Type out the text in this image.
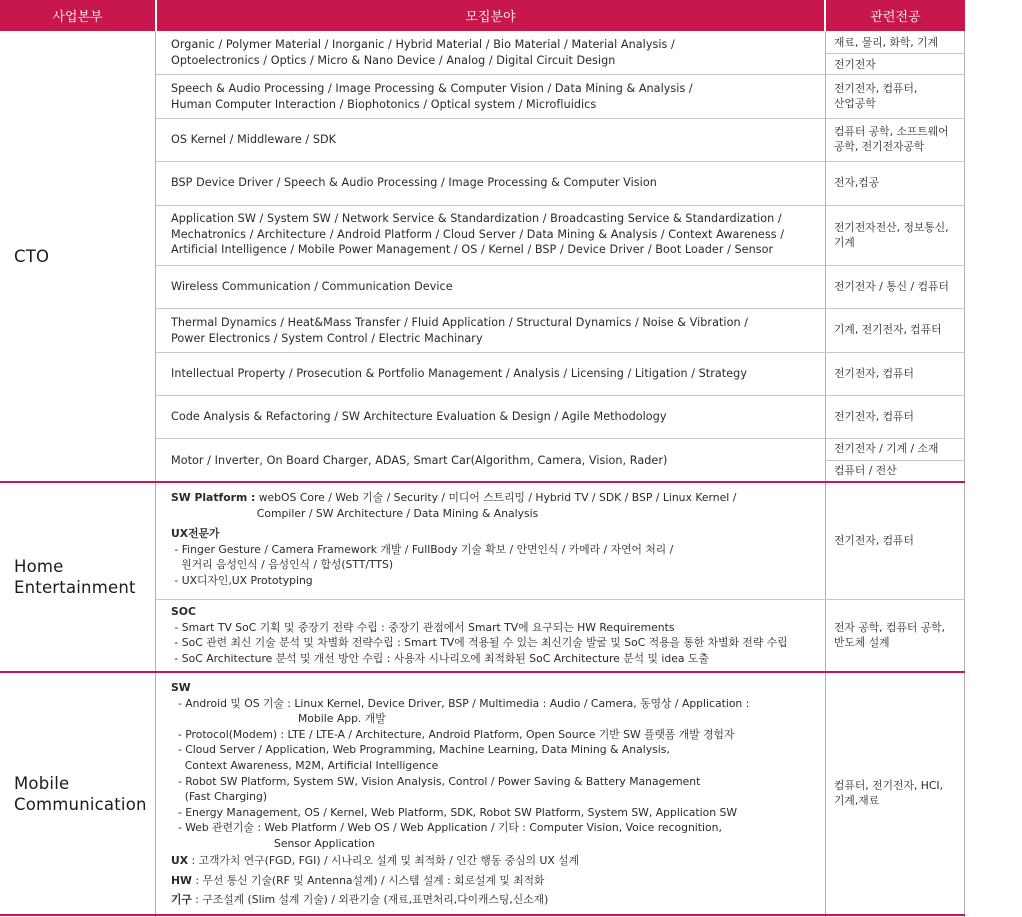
사업본부	모집분야	관련전공
CTO
Home
Entertainment
Mobile
Communication
Organic / Polymer Material / Inorganic / Hybrid Material / Bio Material / Material Analysis /
Optoelectronics / Optics / Micro & Nano Device / Analog / Digital Circuit Design
Speech & Audio Processing / Image Processing & Computer Vision / Data Mining & Analysis /
Human Computer Interaction / Biophotonics / Optical system / Microfluidics
OS Kernel / Middleware / SDK
BSP Device Driver / Speech & Audio Processing / Image Processing & Computer Vision
Application SW / System SW / Network Service & Standardization / Broadcasting Service & Standardization /
Mechatronics / Architecture / Android Platform / Cloud Server / Data Mining & Analysis / Context Awareness /
Artificial Intelligence / Mobile Power Management / OS / Kernel / BSP / Device Driver / Boot Loader / Sensor
Wireless Communication / Communication Device
Thermal Dynamics / Heat&Mass Transfer / Fluid Application / Structural Dynamics / Noise & Vibration /
Power Electronics / System Control / Electric Machinary
Intellectual Property / Prosecution & Portfolio Management / Analysis / Licensing / Litigation / Strategy
Code Analysis & Refactoring / SW Architecture Evaluation & Design / Agile Methodology
Motor / Inverter, On Board Charger, ADAS, Smart Car(Algorithm, Camera, Vision, Rader)
재료, 물리, 화학, 기계
전기전자
전기전자, 컴퓨터,
산업공학
컴퓨터 공학, 소프트웨어
공학, 전기전자공학
전자,컴공
전기전자전산, 정보통신,
기계
전기전자 / 통신 / 컴퓨터
기계, 전기전자, 컴퓨터
전기전자, 컴퓨터
전기전자, 컴퓨터
전기전자 / 기계 / 소재
컴퓨터 / 전산
SW Platform : webOS Core / Web 기술 / Security / 미디어 스트리밍 / Hybrid TV / SDK / BSP / Linux Kernel /
Compiler / SW Architecture / Data Mining & Analysis
UX전문가
- Finger Gesture / Camera Framework 개발 / FullBody 기술 확보 / 안면인식 / 카메라 / 자연어 처리 /
원거리 음성인식 / 음성인식 / 합성(STT/TTS)
- UX디자인,UX Prototyping
전기전자, 컴퓨터
SOC
- Smart TV SoC 기획 및 중장기 전략 수립 : 중장기 관점에서 Smart TV에 요구되는 HW Requirements
- SoC 관련 최신 기술 분석 및 차별화 전략수립 : Smart TV에 적용될 수 있는 최신기술 발굴 및 SoC 적용을 통한 차별화 전략 수립
- SoC Architecture 분석 및 개선 방안 수립 : 사용자 시나리오에 최적화된 SoC Architecture 분석 및 idea 도출
전자 공학, 컴퓨터 공학,
반도체 설계
SW
- Android 및 OS 기술 : Linux Kernel, Device Driver, BSP / Multimedia : Audio / Camera, 동영상 / Application :
Mobile App. 개발
- Protocol(Modem) : LTE / LTE-A / Architecture, Android Platform, Open Source 기반 SW 플랫폼 개발 경험자
- Cloud Server / Application, Web Programming, Machine Learning, Data Mining & Analysis,
Context Awareness, M2M, Artificial Intelligence
- Robot SW Platform, System SW, Vision Analysis, Control / Power Saving & Battery Management
(Fast Charging)
- Energy Management, OS / Kernel, Web Platform, SDK, Robot SW Platform, System SW, Application SW
- Web 관련기술 : Web Platform / Web OS / Web Application / 기타 : Computer Vision, Voice recognition,
Sensor Application
UX : 고객가치 연구(FGD, FGI) / 시나리오 설계 및 최적화 / 인간 행동 중심의 UX 설계
HW : 무선 통신 기술(RF 및 Antenna설계) / 시스템 설계 : 회로설계 및 최적화
기구 : 구조설계 (Slim 설계 기술) / 외관기술 (재료,표면처리,다이캐스팅,신소재)
컴퓨터, 전기전자, HCI,
기계,재료
